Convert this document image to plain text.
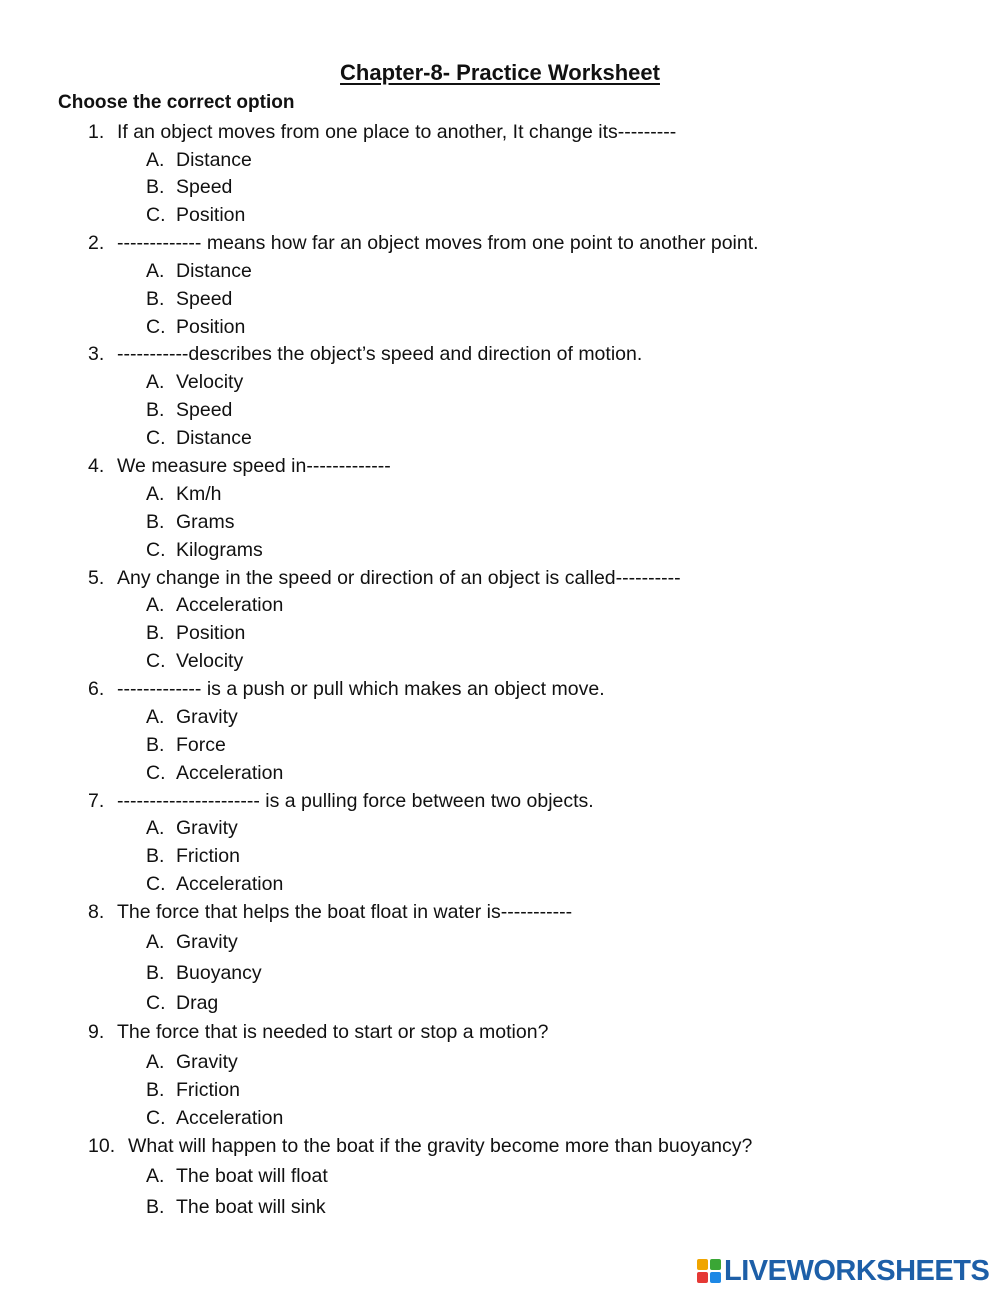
Chapter-8- Practice Worksheet
Choose the correct option
1. If an object moves from one place to another, It change its---------
A. Distance
B. Speed
C. Position
2. ------------- means how far an object moves from one point to another point.
A. Distance
B. Speed
C. Position
3. -----------describes the object’s speed and direction of motion.
A. Velocity
B. Speed
C. Distance
4. We measure speed in-------------
A. Km/h
B. Grams
C. Kilograms
5. Any change in the speed or direction of an object is called----------
A. Acceleration
B. Position
C. Velocity
6. ------------- is a push or pull which makes an object move.
A. Gravity
B. Force
C. Acceleration
7. ---------------------- is a pulling force between two objects.
A. Gravity
B. Friction
C. Acceleration
8. The force that helps the boat float in water is-----------
A. Gravity
B. Buoyancy
C. Drag
9. The force that is needed to start or stop a motion?
A. Gravity
B. Friction
C. Acceleration
10. What will happen to the boat if the gravity become more than buoyancy?
A. The boat will float
B. The boat will sink
LIVEWORKSHEETS
